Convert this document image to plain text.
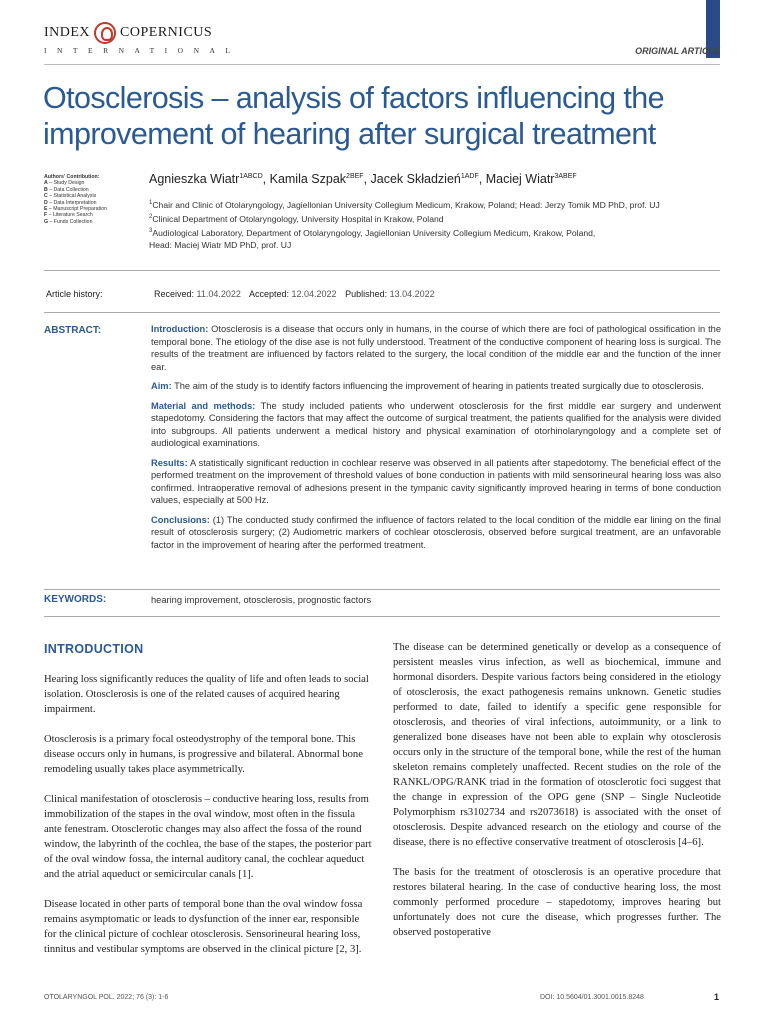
INDEX COPERNICUS
INTERNATIONAL	ORIGINAL ARTICLE
Otosclerosis – analysis of factors influencing the improvement of hearing after surgical treatment
Authors' Contribution:
A – Study Design
B – Data Collection
C – Statistical Analysis
D – Data Interpretation
E – Manuscript Preparation
F – Literature Search
G – Funds Collection
Agnieszka Wiatr$^{1ABCD}$, Kamila Szpak$^{2BEF}$, Jacek Składzień$^{1ADF}$, Maciej Wiatr$^{3ABEF}$
$^1$Chair and Clinic of Otolaryngology, Jagiellonian University Collegium Medicum, Krakow, Poland; Head: Jerzy Tomik MD PhD, prof. UJ
$^2$Clinical Department of Otolaryngology, University Hospital in Krakow, Poland
$^3$Audiological Laboratory, Department of Otolaryngology, Jagiellonian University Collegium Medicum, Krakow, Poland,
Head: Maciej Wiatr MD PhD, prof. UJ
Article history:	Received: 11.04.2022 Accepted: 12.04.2022 Published: 13.04.2022
ABSTRACT:	Introduction: Otosclerosis is a disease that occurs only in humans, in the course of which there are foci of pathological ossification in the temporal bone. The etiology of the dise ase is not fully understood. Treatment of the conductive component of hearing loss is surgical. The results of the treatment are influenced by factors related to the surgery, the local condition of the middle ear and the function of the inner ear.

Aim: The aim of the study is to identify factors influencing the improvement of hearing in patients treated surgically due to otosclerosis.

Material and methods: The study included patients who underwent otosclerosis for the first middle ear surgery and underwent stapedotomy. Considering the factors that may affect the outcome of surgical treatment, the patients qualified for the analysis were divided into subgroups. All patients underwent a medical history and physical examination of otorhinolaryngology and a complete set of audiological examinations.

Results: A statistically significant reduction in cochlear reserve was observed in all patients after stapedotomy. The beneficial effect of the performed treatment on the improvement of threshold values of bone conduction in patients with mild sensorineural hearing loss was also confirmed. Intraoperative removal of adhesions present in the tympanic cavity significantly improved hearing in terms of bone conduction values, especially at 500 Hz.

Conclusions: (1) The conducted study confirmed the influence of factors related to the local condition of the middle ear lining on the final result of otosclerosis surgery; (2) Audiometric markers of cochlear otosclerosis, observed before surgical treatment, are an unfavorable factor in the improvement of hearing after the performed treatment.

KEYWORDS:	hearing improvement, otosclerosis, prognostic factors
INTRODUCTION

Hearing loss significantly reduces the quality of life and often leads to social isolation. Otosclerosis is one of the related causes of acquired hearing impairment.

Otosclerosis is a primary focal osteodystrophy of the temporal bone. This disease occurs only in humans, is progressive and bilateral. Abnormal bone remodeling usually takes place asymmetrically.

Clinical manifestation of otosclerosis – conductive hearing loss, results from immobilization of the stapes in the oval window, most often in the fissula ante fenestram. Otosclerotic changes may also affect the fossa of the round window, the labyrinth of the cochlea, the base of the stapes, the posterior part of the oval window fossa, the internal auditory canal, the cochlear aqueduct and the atrial aqueduct or semicircular canals [1].

Disease located in other parts of temporal bone than the oval window fossa remains asymptomatic or leads to dysfunction of the inner ear, responsible for the clinical picture of cochlear otosclerosis. Sensorineural hearing loss, tinnitus and vestibular symptoms are observed in the clinical picture [2, 3].

The disease can be determined genetically or develop as a consequence of persistent measles virus infection, as well as biochemical, immune and hormonal disorders. Despite various factors being considered in the etiology of otosclerosis, the exact pathogenesis remains unknown. Genetic studies performed to date, failed to identify a specific gene responsible for otosclerosis, and theories of viral infections, autoimmunity, or a link to generalized bone diseases have not been able to explain why otosclerosis occurs only in the structure of the temporal bone, while the rest of the human skeleton remains completely unaffected. Recent studies on the role of the RANKL/OPG/RANK triad in the formation of otosclerotic foci suggest that the change in expression of the OPG gene (SNP – Single Nucleotide Polymorphism rs3102734 and rs2073618) is associated with the onset of otosclerosis. Despite advanced research on the etiology and course of the disease, there is no effective conservative treatment of otosclerosis [4–6].

The basis for the treatment of otosclerosis is an operative procedure that restores bilateral hearing. In the case of conductive hearing loss, the most commonly performed procedure – stapedotomy, improves hearing but unfortunately does not cure the disease, which progresses further. The observed postoperative

OTOLARYNGOL POL. 2022; 76 (3): 1-6	DOI: 10.5604/01.3001.0015.8248	1
